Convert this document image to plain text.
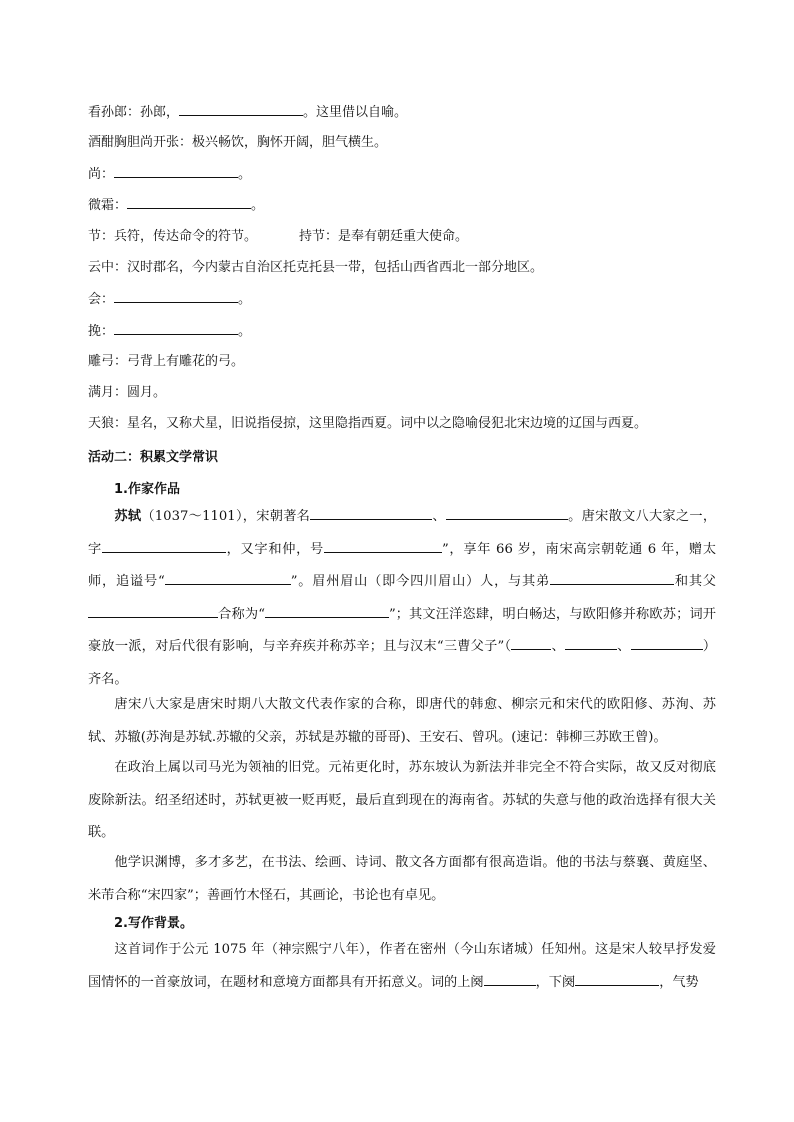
看孙郎：孙郎，	。这里借以自喻。
酒酣胸胆尚开张：极兴畅饮，胸怀开阔，胆气横生。
尚：	。
微霜：	。
节：兵符，传达命令的符节。	持节：是奉有朝廷重大使命。
云中：汉时郡名，今内蒙古自治区托克托县一带，包括山西省西北一部分地区。
会：	。
挽：	。
雕弓：弓背上有雕花的弓。
满月：圆月。
天狼：星名，又称犬星，旧说指侵掠，这里隐指西夏。词中以之隐喻侵犯北宋边境的辽国与西夏。
活动二：积累文学常识
1.作家作品
苏轼（1037～1101），宋朝著名	、	。唐宋散文八大家之一，字	，又字和仲，号	”，享年 66 岁，南宋高宗朝乾通 6 年，赠太师，追谥号“	”。眉州眉山（即今四川眉山）人，与其弟	和其父合称为“	”；其文汪洋恣肆，明白畅达，与欧阳修并称欧苏；词开豪放一派，对后代很有影响，与辛弃疾并称苏辛；且与汉末“三曹父子”（	、	、	）齐名。
唐宋八大家是唐宋时期八大散文代表作家的合称，即唐代的韩愈、柳宗元和宋代的欧阳修、苏洵、苏轼、苏辙(苏洵是苏轼.苏辙的父亲，苏轼是苏辙的哥哥)、王安石、曾巩。(速记：韩柳三苏欧王曾)。
在政治上属以司马光为领袖的旧党。元祐更化时，苏东坡认为新法并非完全不符合实际，故又反对彻底废除新法。绍圣绍述时，苏轼更被一贬再贬，最后直到现在的海南省。苏轼的失意与他的政治选择有很大关联。
他学识渊博，多才多艺，在书法、绘画、诗词、散文各方面都有很高造诣。他的书法与蔡襄、黄庭坚、米芾合称“宋四家”；善画竹木怪石，其画论，书论也有卓见。
2.写作背景。
这首词作于公元 1075 年（神宗熙宁八年），作者在密州（今山东诸城）任知州。这是宋人较早抒发爱国情怀的一首豪放词，在题材和意境方面都具有开拓意义。词的上阕	，下阕	，气势
